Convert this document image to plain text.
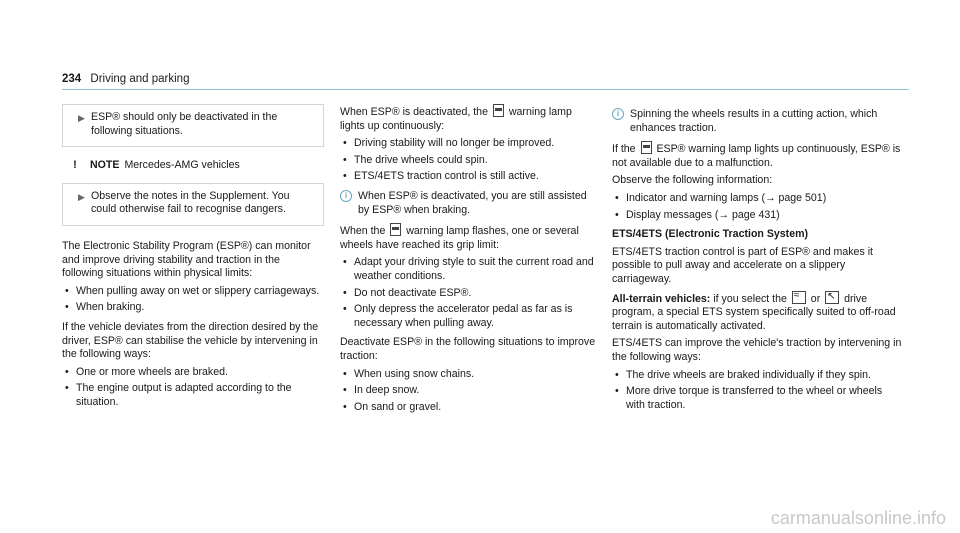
234 Driving and parking
▶ ESP® should only be deactivated in the following situations.
! NOTE Mercedes-AMG vehicles
▶ Observe the notes in the Supplement. You could otherwise fail to recognise dangers.

The Electronic Stability Program (ESP®) can monitor and improve driving stability and traction in the following situations within physical limits:

• When pulling away on wet or slippery carriageways.
• When braking.

If the vehicle deviates from the direction desired by the driver, ESP® can stabilise the vehicle by intervening in the following ways:

• One or more wheels are braked.
• The engine output is adapted according to the situation.

When ESP® is deactivated, the warning lamp lights up continuously:

• Driving stability will no longer be improved.
• The drive wheels could spin.
• ETS/4ETS traction control is still active.
i	When ESP® is deactivated, you are still assisted by ESP® when braking.

When the warning lamp flashes, one or several wheels have reached its grip limit:

• Adapt your driving style to suit the current road and weather conditions.
• Do not deactivate ESP®.
• Only depress the accelerator pedal as far as is necessary when pulling away.

Deactivate ESP® in the following situations to improve traction:

• When using snow chains.
• In deep snow.
• On sand or gravel.
i	Spinning the wheels results in a cutting action, which enhances traction.

If the ESP® warning lamp lights up continuously, ESP® is not available due to a malfunction.

Observe the following information:

• Indicator and warning lamps (→ page 501)
• Display messages (→ page 431)

ETS/4ETS (Electronic Traction System)

ETS/4ETS traction control is part of ESP® and makes it possible to pull away and accelerate on a slippery carriageway.

All-terrain vehicles: if you select the ≈ or ↖ drive program, a special ETS system specifically suited to off-road terrain is automatically activated.

ETS/4ETS can improve the vehicle's traction by intervening in the following ways:

• The drive wheels are braked individually if they spin.
• More drive torque is transferred to the wheel or wheels with traction.
carmanualsonline.info
